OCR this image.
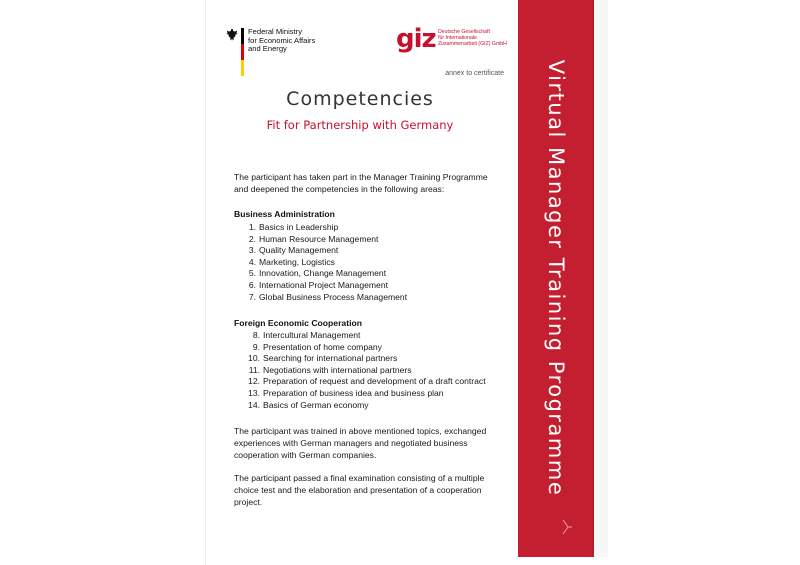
Federal Ministry
for Economic Affairs
and Energy	giz Deutsche Gesellschaft
für Internationale
Zusammenarbeit (GIZ) GmbH
annex to certificate
Competencies
Fit for Partnership with Germany
The participant has taken part in the Manager Training Programme and deepened the competencies in the following areas:
Business Administration
1. Basics in Leadership
2. Human Resource Management
3. Quality Management
4. Marketing, Logistics
5. Innovation, Change Management
6. International Project Management
7. Global Business Process Management
Foreign Economic Cooperation
8. Intercultural Management
9. Presentation of home company
10. Searching for international partners
11. Negotiations with international partners
12. Preparation of request and development of a draft contract
13. Preparation of business idea and business plan
14. Basics of German economy
The participant was trained in above mentioned topics, exchanged experiences with German managers and negotiated business cooperation with German companies.
The participant passed a final examination consisting of a multiple choice test and the elaboration and presentation of a cooperation project.
Virtual Manager Training Programme
